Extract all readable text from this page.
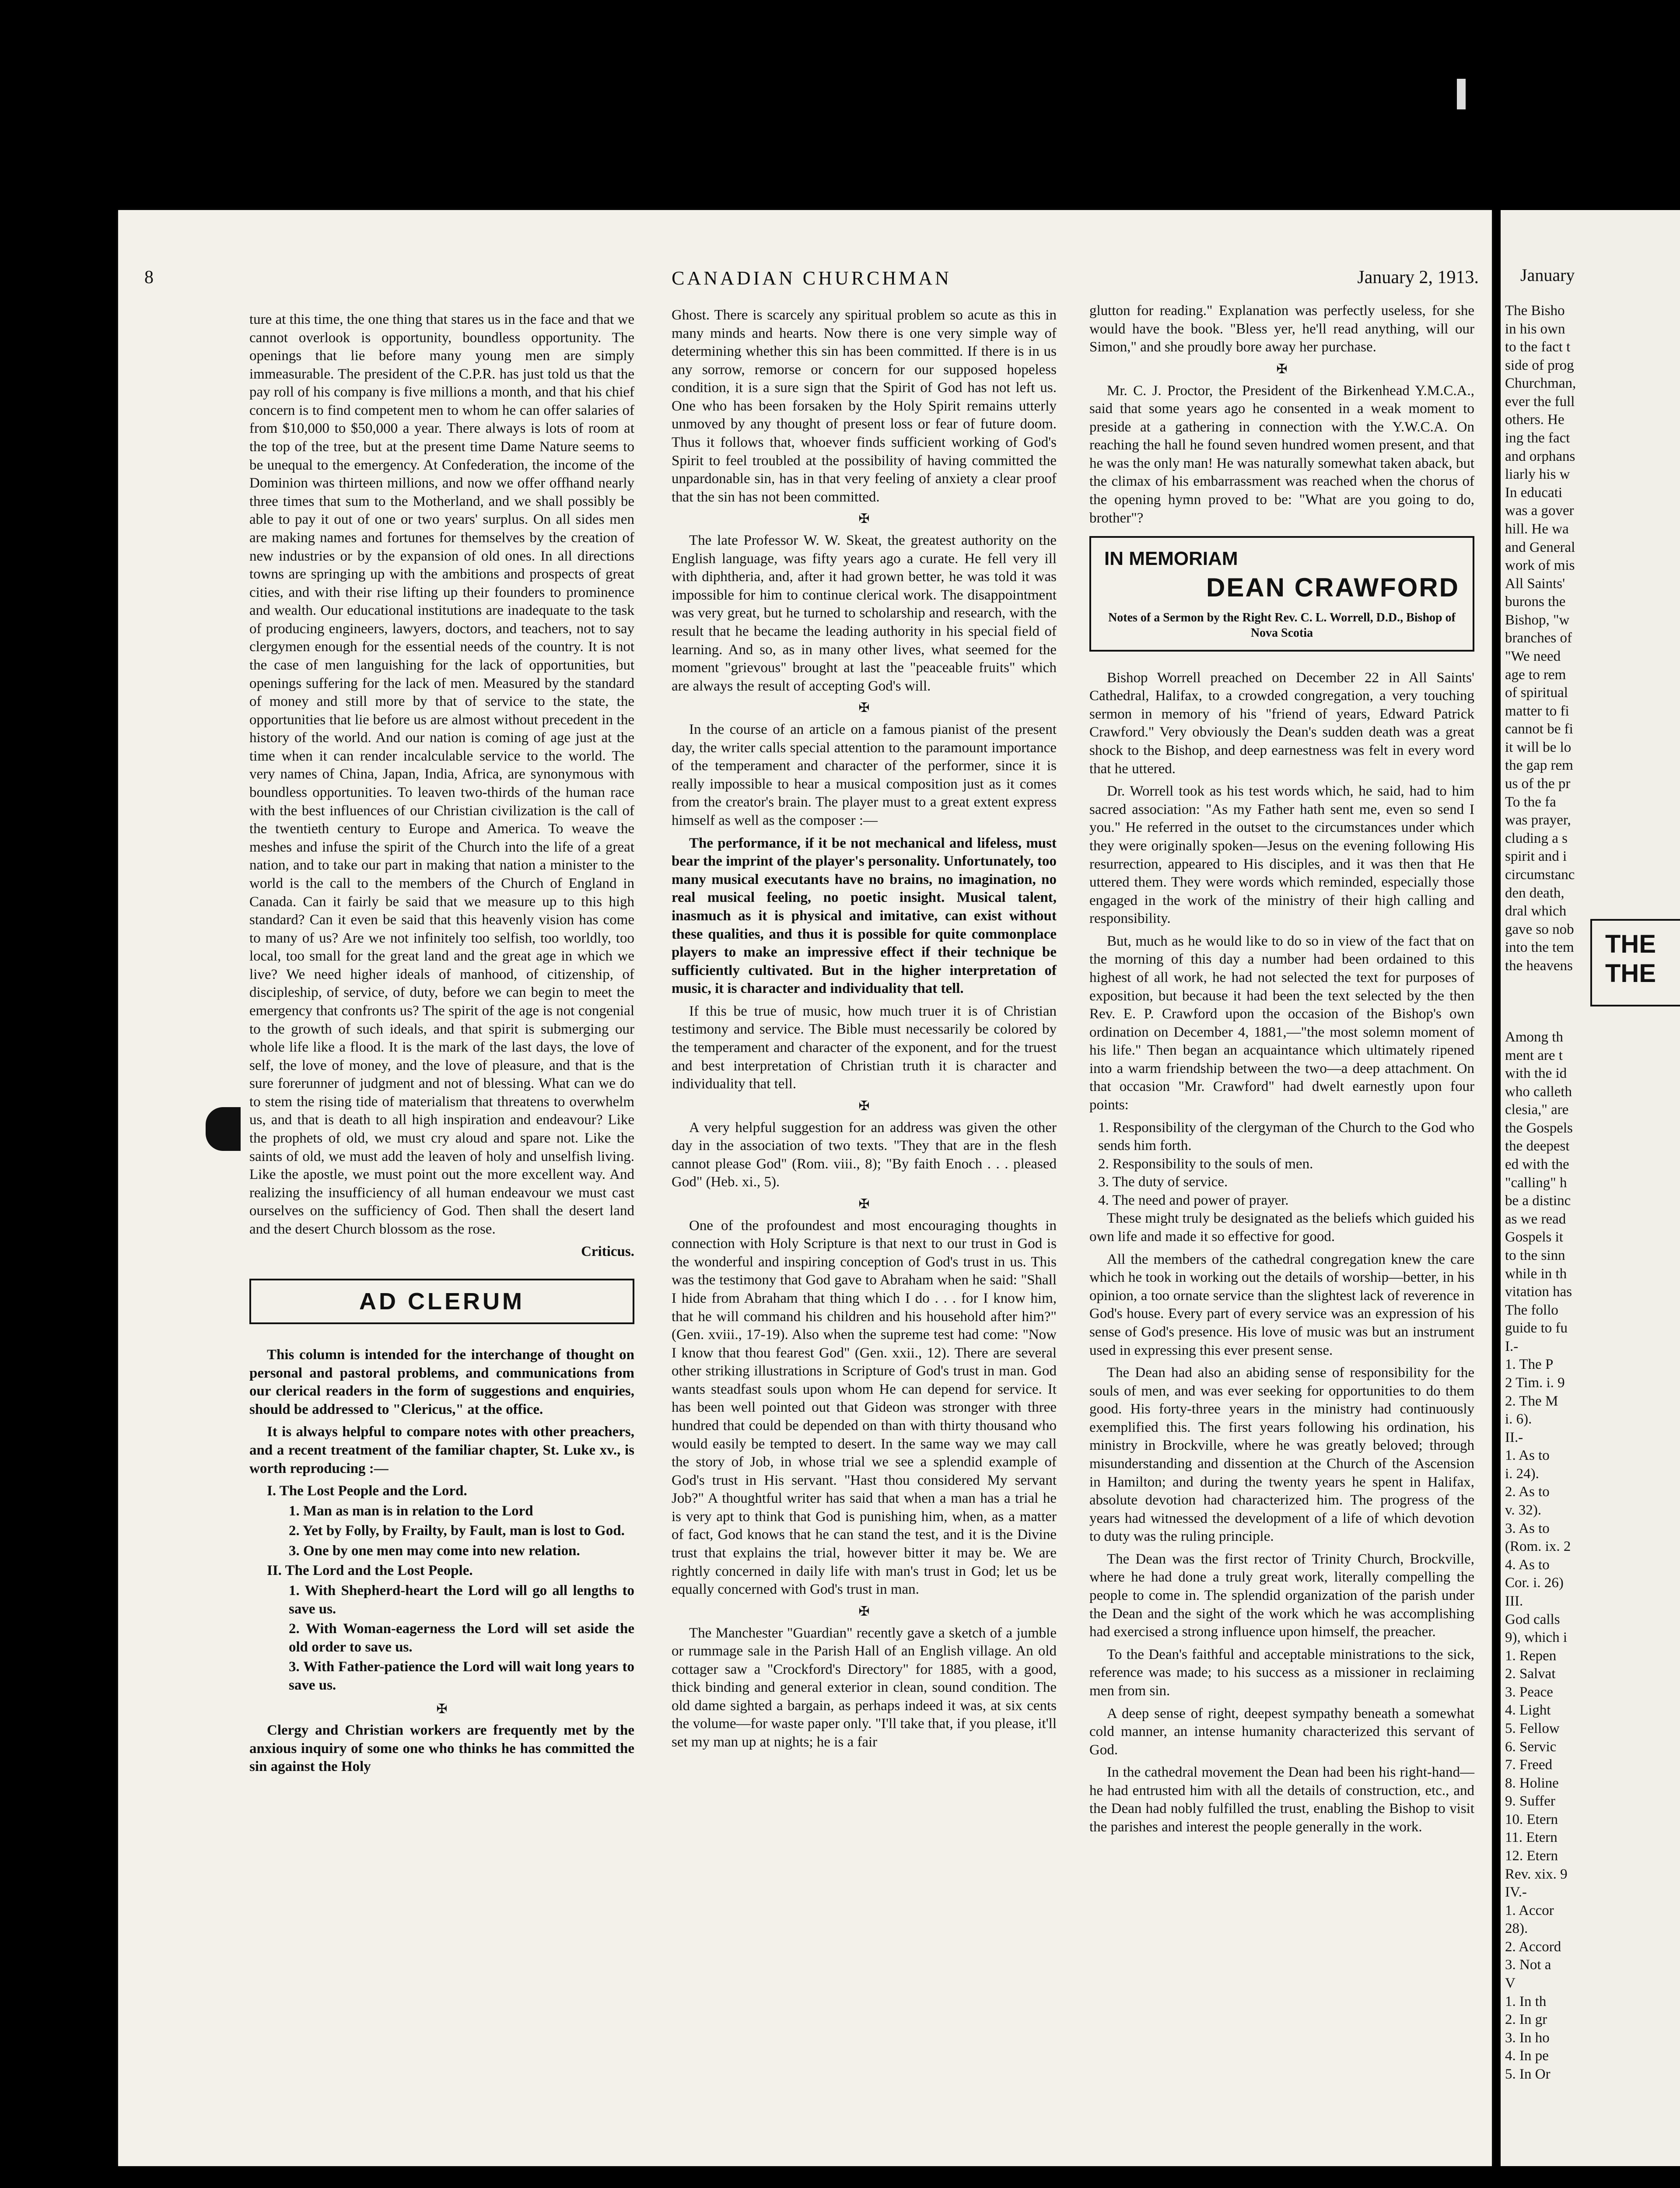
8	CANADIAN CHURCHMAN	January 2, 1913.

ture at this time, the one thing that stares us in the face and that we cannot overlook is opportunity, boundless opportunity. The openings that lie before many young men are simply immeasurable. The president of the C.P.R. has just told us that the pay roll of his company is five millions a month, and that his chief concern is to find competent men to whom he can offer salaries of from $10,000 to $50,000 a year. There always is lots of room at the top of the tree, but at the present time Dame Nature seems to be unequal to the emergency. At Confederation, the income of the Dominion was thirteen millions, and now we offer offhand nearly three times that sum to the Motherland, and we shall possibly be able to pay it out of one or two years' surplus. On all sides men are making names and fortunes for themselves by the creation of new industries or by the expansion of old ones. In all directions towns are springing up with the ambitions and prospects of great cities, and with their rise lifting up their founders to prominence and wealth. Our educational institutions are inadequate to the task of producing engineers, lawyers, doctors, and teachers, not to say clergymen enough for the essential needs of the country. It is not the case of men languishing for the lack of opportunities, but openings suffering for the lack of men. Measured by the standard of money and still more by that of service to the state, the opportunities that lie before us are almost without precedent in the history of the world. And our nation is coming of age just at the time when it can render incalculable service to the world. The very names of China, Japan, India, Africa, are synonymous with boundless opportunities. To leaven two-thirds of the human race with the best influences of our Christian civilization is the call of the twentieth century to Europe and America. To weave the meshes and infuse the spirit of the Church into the life of a great nation, and to take our part in making that nation a minister to the world is the call to the members of the Church of England in Canada. Can it fairly be said that we measure up to this high standard? Can it even be said that this heavenly vision has come to many of us? Are we not infinitely too selfish, too worldly, too local, too small for the great land and the great age in which we live? We need higher ideals of manhood, of citizenship, of discipleship, of service, of duty, before we can begin to meet the emergency that confronts us? The spirit of the age is not congenial to the growth of such ideals, and that spirit is submerging our whole life like a flood. It is the mark of the last days, the love of self, the love of money, and the love of pleasure, and that is the sure forerunner of judgment and not of blessing. What can we do to stem the rising tide of materialism that threatens to overwhelm us, and that is death to all high inspiration and endeavour? Like the prophets of old, we must cry aloud and spare not. Like the saints of old, we must add the leaven of holy and unselfish living. Like the apostle, we must point out the more excellent way. And realizing the insufficiency of all human endeavour we must cast ourselves on the sufficiency of God. Then shall the desert land and the desert Church blossom as the rose.

Criticus.
AD CLERUM

This column is intended for the interchange of thought on personal and pastoral problems, and communications from our clerical readers in the form of suggestions and enquiries, should be addressed to "Clericus," at the office.

It is always helpful to compare notes with other preachers, and a recent treatment of the familiar chapter, St. Luke xv., is worth reproducing :—

I. The Lost People and the Lord.
1. Man as man is in relation to the Lord
2. Yet by Folly, by Frailty, by Fault, man is lost to God.
3. One by one men may come into new relation.
II. The Lord and the Lost People.
1. With Shepherd-heart the Lord will go all lengths to save us.
2. With Woman-eagerness the Lord will set aside the old order to save us.
3. With Father-patience the Lord will wait long years to save us.
✠

Clergy and Christian workers are frequently met by the anxious inquiry of some one who thinks he has committed the sin against the Holy

Ghost. There is scarcely any spiritual problem so acute as this in many minds and hearts. Now there is one very simple way of determining whether this sin has been committed. If there is in us any sorrow, remorse or concern for our supposed hopeless condition, it is a sure sign that the Spirit of God has not left us. One who has been forsaken by the Holy Spirit remains utterly unmoved by any thought of present loss or fear of future doom. Thus it follows that, whoever finds sufficient working of God's Spirit to feel troubled at the possibility of having committed the unpardonable sin, has in that very feeling of anxiety a clear proof that the sin has not been committed.

✠

The late Professor W. W. Skeat, the greatest authority on the English language, was fifty years ago a curate. He fell very ill with diphtheria, and, after it had grown better, he was told it was impossible for him to continue clerical work. The disappointment was very great, but he turned to scholarship and research, with the result that he became the leading authority in his special field of learning. And so, as in many other lives, what seemed for the moment "grievous" brought at last the "peaceable fruits" which are always the result of accepting God's will.

✠

In the course of an article on a famous pianist of the present day, the writer calls special attention to the paramount importance of the temperament and character of the performer, since it is really impossible to hear a musical composition just as it comes from the creator's brain. The player must to a great extent express himself as well as the composer :—

The performance, if it be not mechanical and lifeless, must bear the imprint of the player's personality. Unfortunately, too many musical executants have no brains, no imagination, no real musical feeling, no poetic insight. Musical talent, inasmuch as it is physical and imitative, can exist without these qualities, and thus it is possible for quite commonplace players to make an impressive effect if their technique be sufficiently cultivated. But in the higher interpretation of music, it is character and individuality that tell.

If this be true of music, how much truer it is of Christian testimony and service. The Bible must necessarily be colored by the temperament and character of the exponent, and for the truest and best interpretation of Christian truth it is character and individuality that tell.

✠

A very helpful suggestion for an address was given the other day in the association of two texts. "They that are in the flesh cannot please God" (Rom. viii., 8); "By faith Enoch . . . pleased God" (Heb. xi., 5).

✠

One of the profoundest and most encouraging thoughts in connection with Holy Scripture is that next to our trust in God is the wonderful and inspiring conception of God's trust in us. This was the testimony that God gave to Abraham when he said: "Shall I hide from Abraham that thing which I do . . . for I know him, that he will command his children and his household after him?" (Gen. xviii., 17-19). Also when the supreme test had come: "Now I know that thou fearest God" (Gen. xxii., 12). There are several other striking illustrations in Scripture of God's trust in man. God wants steadfast souls upon whom He can depend for service. It has been well pointed out that Gideon was stronger with three hundred that could be depended on than with thirty thousand who would easily be tempted to desert. In the same way we may call the story of Job, in whose trial we see a splendid example of God's trust in His servant. "Hast thou considered My servant Job?" A thoughtful writer has said that when a man has a trial he is very apt to think that God is punishing him, when, as a matter of fact, God knows that he can stand the test, and it is the Divine trust that explains the trial, however bitter it may be. We are rightly concerned in daily life with man's trust in God; let us be equally concerned with God's trust in man.

✠

The Manchester "Guardian" recently gave a sketch of a jumble or rummage sale in the Parish Hall of an English village. An old cottager saw a "Crockford's Directory" for 1885, with a good, thick binding and general exterior in clean, sound condition. The old dame sighted a bargain, as perhaps indeed it was, at six cents the volume—for waste paper only. "I'll take that, if you please, it'll set my man up at nights; he is a fair

glutton for reading." Explanation was perfectly useless, for she would have the book. "Bless yer, he'll read anything, will our Simon," and she proudly bore away her purchase.

✠

Mr. C. J. Proctor, the President of the Birkenhead Y.M.C.A., said that some years ago he consented in a weak moment to preside at a gathering in connection with the Y.W.C.A. On reaching the hall he found seven hundred women present, and that he was the only man! He was naturally somewhat taken aback, but the climax of his embarrassment was reached when the chorus of the opening hymn proved to be: "What are you going to do, brother"?

IN MEMORIAM
DEAN CRAWFORD
Notes of a Sermon by the Right Rev. C. L. Worrell, D.D., Bishop of Nova Scotia

Bishop Worrell preached on December 22 in All Saints' Cathedral, Halifax, to a crowded congregation, a very touching sermon in memory of his "friend of years, Edward Patrick Crawford." Very obviously the Dean's sudden death was a great shock to the Bishop, and deep earnestness was felt in every word that he uttered.

Dr. Worrell took as his test words which, he said, had to him sacred association: "As my Father hath sent me, even so send I you." He referred in the outset to the circumstances under which they were originally spoken—Jesus on the evening following His resurrection, appeared to His disciples, and it was then that He uttered them. They were words which reminded, especially those engaged in the work of the ministry of their high calling and responsibility.

But, much as he would like to do so in view of the fact that on the morning of this day a number had been ordained to this highest of all work, he had not selected the text for purposes of exposition, but because it had been the text selected by the then Rev. E. P. Crawford upon the occasion of the Bishop's own ordination on December 4, 1881,—"the most solemn moment of his life." Then began an acquaintance which ultimately ripened into a warm friendship between the two—a deep attachment. On that occasion "Mr. Crawford" had dwelt earnestly upon four points:

1. Responsibility of the clergyman of the Church to the God who sends him forth.
2. Responsibility to the souls of men.
3. The duty of service.
4. The need and power of prayer.

These might truly be designated as the beliefs which guided his own life and made it so effective for good.

All the members of the cathedral congregation knew the care which he took in working out the details of worship—better, in his opinion, a too ornate service than the slightest lack of reverence in God's house. Every part of every service was an expression of his sense of God's presence. His love of music was but an instrument used in expressing this ever present sense.

The Dean had also an abiding sense of responsibility for the souls of men, and was ever seeking for opportunities to do them good. His forty-three years in the ministry had continuously exemplified this. The first years following his ordination, his ministry in Brockville, where he was greatly beloved; through misunderstanding and dissention at the Church of the Ascension in Hamilton; and during the twenty years he spent in Halifax, absolute devotion had characterized him. The progress of the years had witnessed the development of a life of which devotion to duty was the ruling principle.

The Dean was the first rector of Trinity Church, Brockville, where he had done a truly great work, literally compelling the people to come in. The splendid organization of the parish under the Dean and the sight of the work which he was accomplishing had exercised a strong influence upon himself, the preacher.

To the Dean's faithful and acceptable ministrations to the sick, reference was made; to his success as a missioner in reclaiming men from sin.

A deep sense of right, deepest sympathy beneath a somewhat cold manner, an intense humanity characterized this servant of God.

In the cathedral movement the Dean had been his right-hand—he had entrusted him with all the details of construction, etc., and the Dean had nobly fulfilled the trust, enabling the Bishop to visit the parishes and interest the people generally in the work.

January
The Bisho
in his own
to the fact t
side of prog
Churchman,
ever the full
others. He
ing the fact
and orphans
liarly his w
In educati
was a gover
hill. He wa
and General
work of mis
All Saints'
burons the
Bishop, "w
branches of
"We need
age to rem
of spiritual
matter to fi
cannot be fi
it will be lo
the gap rem
us of the pr
To the fa
was prayer,
cluding a s
spirit and i
circumstanc
den death,
dral which
gave so nob
into the tem
the heavens
THE
THE
Among th
ment are t
with the id
who calleth
clesia," are
the Gospels
the deepest
ed with the
"calling" h
be a distinc
as we read
Gospels it
to the sinn
while in th
vitation has
The follo
guide to fu
I.-
1. The P
2 Tim. i. 9
2. The M
i. 6).
II.-
1. As to
i. 24).
2. As to
v. 32).
3. As to
(Rom. ix. 2
4. As to
Cor. i. 26)
III.
God calls
9), which i
1. Repen
2. Salvat
3. Peace
4. Light
5. Fellow
6. Servic
7. Freed
8. Holine
9. Suffer
10. Etern
11. Etern
12. Etern
Rev. xix. 9
IV.-
1. Accor
28).
2. Accord
3. Not a
V
1. In th
2. In gr
3. In ho
4. In pe
5. In Or
